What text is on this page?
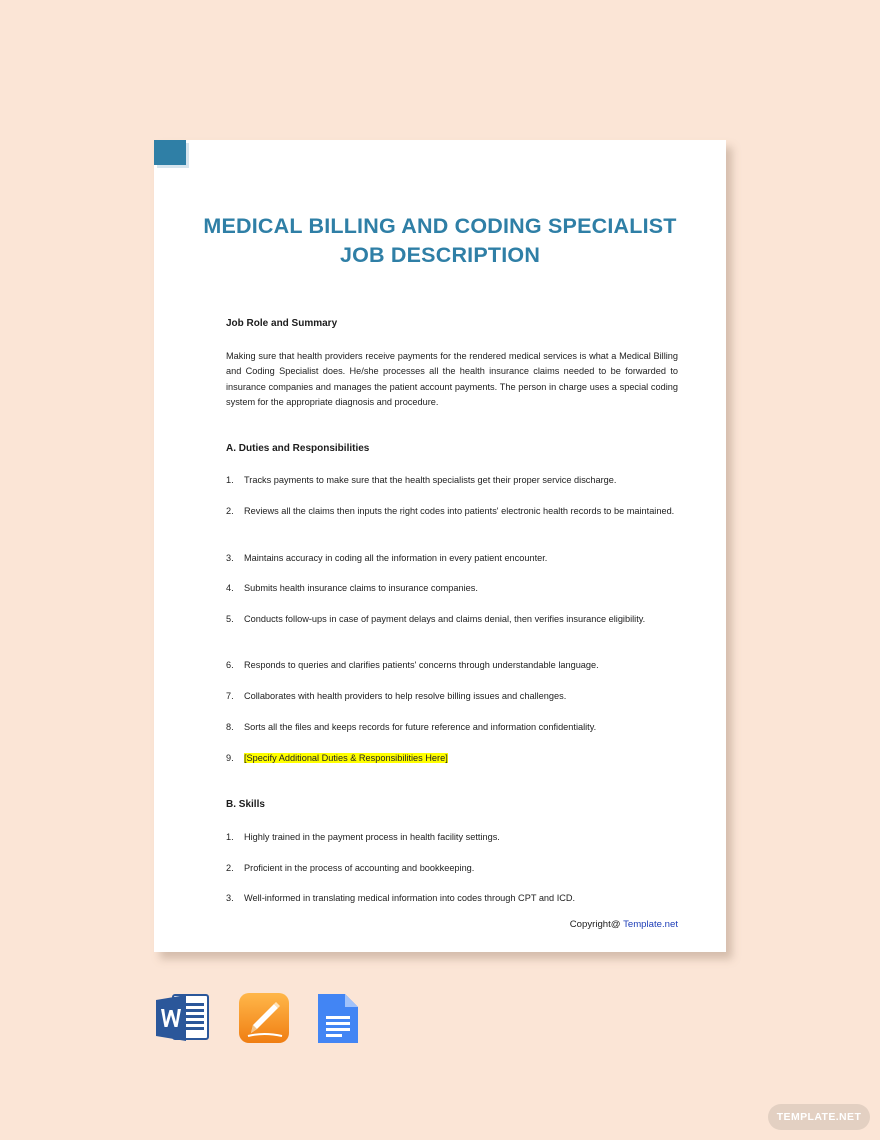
MEDICAL BILLING AND CODING SPECIALIST
JOB DESCRIPTION
Job Role and Summary

Making sure that health providers receive payments for the rendered medical services is what a Medical Billing and Coding Specialist does. He/she processes all the health insurance claims needed to be forwarded to insurance companies and manages the patient account payments. The person in charge uses a special coding system for the appropriate diagnosis and procedure.

A. Duties and Responsibilities
1. Tracks payments to make sure that the health specialists get their proper service discharge.
2. Reviews all the claims then inputs the right codes into patients' electronic health records to be maintained.
3. Maintains accuracy in coding all the information in every patient encounter.
4. Submits health insurance claims to insurance companies.
5. Conducts follow-ups in case of payment delays and claims denial, then verifies insurance eligibility.
6. Responds to queries and clarifies patients' concerns through understandable language.
7. Collaborates with health providers to help resolve billing issues and challenges.
8. Sorts all the files and keeps records for future reference and information confidentiality.
9. [Specify Additional Duties & Responsibilities Here]
B. Skills
1. Highly trained in the payment process in health facility settings.
2. Proficient in the process of accounting and bookkeeping.
3. Well-informed in translating medical information into codes through CPT and ICD.
Copyright@ Template.net
TEMPLATE.NET
